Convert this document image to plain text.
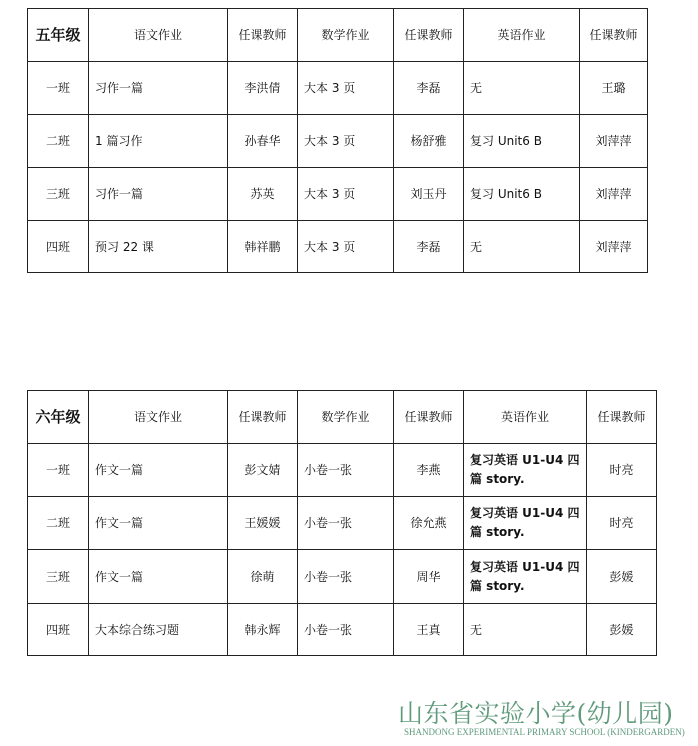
五年级	语文作业	任课教师	数学作业	任课教师	英语作业	任课教师
一班	习作一篇	李洪倩	大本 3 页	李磊	无	王璐
二班	1 篇习作	孙春华	大本 3 页	杨舒雅	复习 Unit6 B	刘萍萍
三班	习作一篇	苏英	大本 3 页	刘玉丹	复习 Unit6 B	刘萍萍
四班	预习 22 课	韩祥鹏	大本 3 页	李磊	无	刘萍萍
六年级	语文作业	任课教师	数学作业	任课教师	英语作业	任课教师
一班	作文一篇	彭文婧	小卷一张	李燕	复习英语 U1-U4 四篇 story.	时亮
二班	作文一篇	王媛媛	小卷一张	徐允燕	复习英语 U1-U4 四篇 story.	时亮
三班	作文一篇	徐萌	小卷一张	周华	复习英语 U1-U4 四篇 story.	彭媛
四班	大本综合练习题	韩永辉	小卷一张	王真	无	彭媛
山东省实验小学(幼儿园)
SHANDONG EXPERIMENTAL PRIMARY SCHOOL (KINDERGARDEN)
